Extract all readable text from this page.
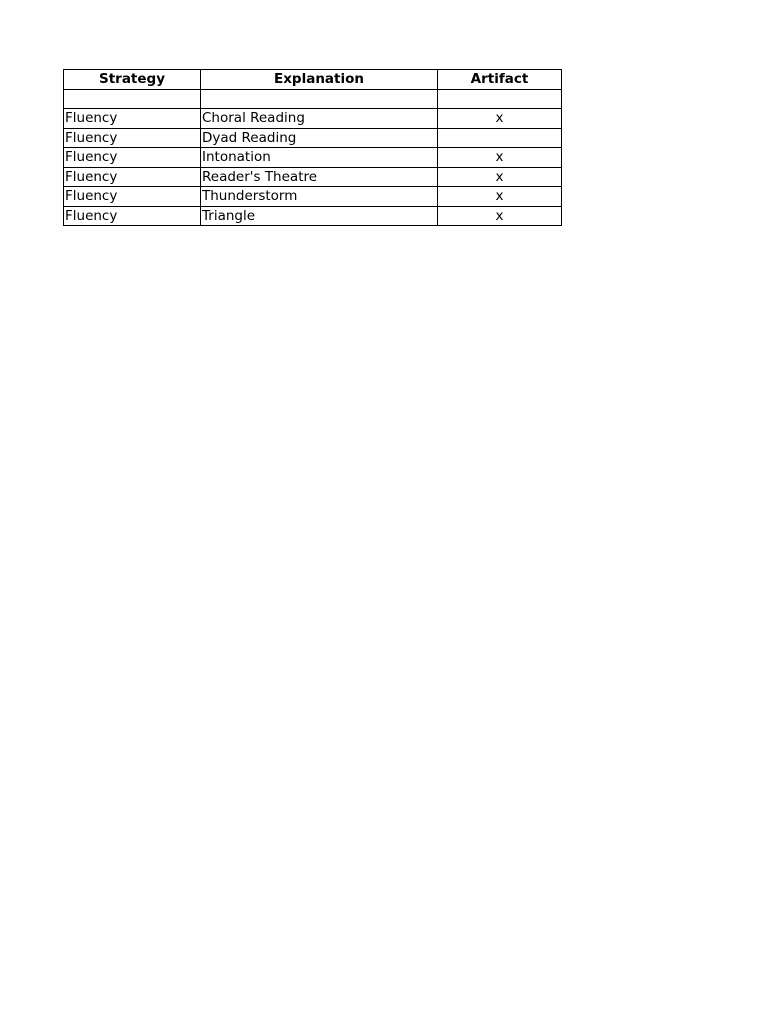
Strategy	Explanation	Artifact

Fluency	Choral Reading	x
Fluency	Dyad Reading	
Fluency	Intonation	x
Fluency	Reader's Theatre	x
Fluency	Thunderstorm	x
Fluency	Triangle	x
